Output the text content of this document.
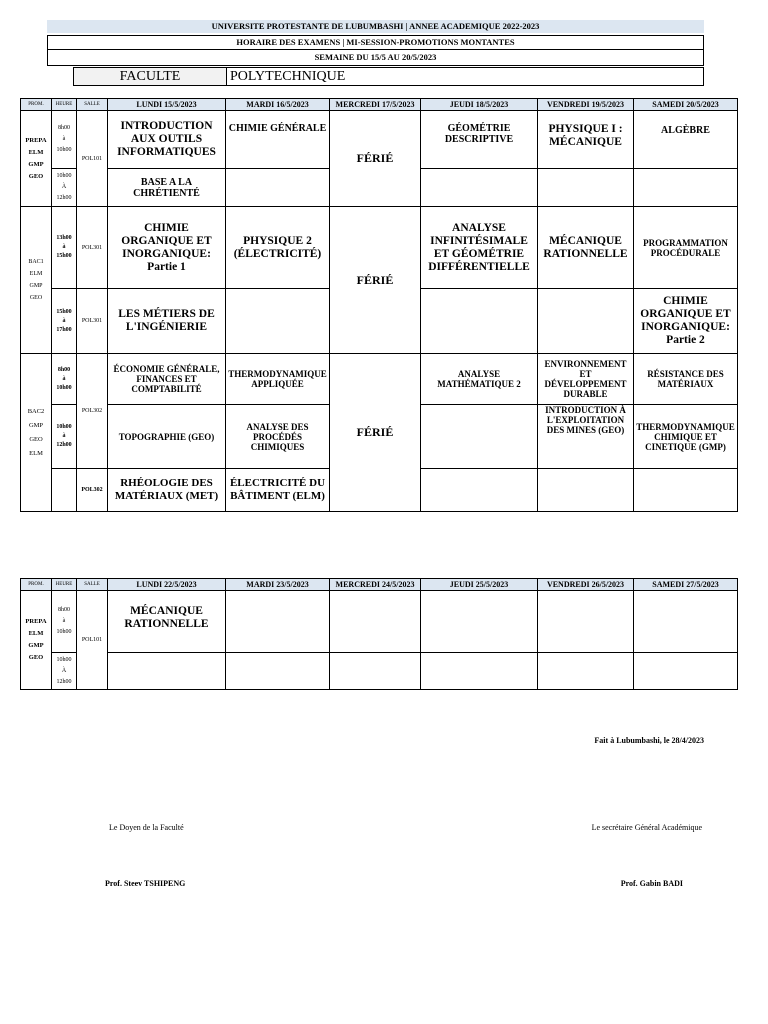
UNIVERSITE PROTESTANTE DE LUBUMBASHI | ANNEE ACADEMIQUE 2022-2023
HORAIRE DES EXAMENS | MI-SESSION-PROMOTIONS MONTANTES
SEMAINE DU 15/5 AU 20/5/2023
FACULTE	POLYTECHNIQUE
PROM.	HEURE	SALLE	LUNDI 15/5/2023	MARDI 16/5/2023	MERCREDI 17/5/2023	JEUDI 18/5/2023	VENDREDI 19/5/2023	SAMEDI 20/5/2023
PREPA
ELM
GMP
GEO	8h00
à
10h00	POL101	INTRODUCTION AUX OUTILS INFORMATIQUES	CHIMIE GÉNÉRALE	FÉRIÉ	GÉOMÉTRIE DESCRIPTIVE	PHYSIQUE I : MÉCANIQUE	ALGÈBRE
	10h00
À
12h00		BASE A LA CHRÉTIENTÉ					
BAC1
ELM
GMP
GEO	13h00
à
15h00	POL301	CHIMIE ORGANIQUE ET INORGANIQUE: Partie 1	PHYSIQUE 2 (ÉLECTRICITÉ)	FÉRIÉ	ANALYSE INFINITÉSIMALE ET GÉOMÉTRIE DIFFÉRENTIELLE	MÉCANIQUE RATIONNELLE	PROGRAMMATION PROCÉDURALE
	15h00
à
17h00	POL301	LES MÉTIERS DE L'INGÉNIERIE					CHIMIE ORGANIQUE ET INORGANIQUE: Partie 2
BAC2
GMP
GEO
ELM	8h00
à
10h00	POL302	ÉCONOMIE GÉNÉRALE, FINANCES ET COMPTABILITÉ	THERMODYNAMIQUE APPLIQUÉE	FÉRIÉ	ANALYSE MATHÉMATIQUE 2	ENVIRONNEMENT ET DÉVELOPPEMENT DURABLE	RÉSISTANCE DES MATÉRIAUX
	10h00
à
12h00		TOPOGRAPHIE (GEO)	ANALYSE DES PROCÉDÉS CHIMIQUES			INTRODUCTION À L'EXPLOITATION DES MINES (GEO)	THERMODYNAMIQUE CHIMIQUE ET CINETIQUE (GMP)
		POL302	RHÉOLOGIE DES MATÉRIAUX (MET)	ÉLECTRICITÉ DU BÂTIMENT (ELM)				
PROM.	HEURE	SALLE	LUNDI 22/5/2023	MARDI 23/5/2023	MERCREDI 24/5/2023	JEUDI 25/5/2023	VENDREDI 26/5/2023	SAMEDI 27/5/2023
PREPA
ELM
GMP
GEO	8h00
à
10h00	POL101	MÉCANIQUE RATIONNELLE					
	10h00
À
12h00							
Fait à Lubumbashi, le 28/4/2023
Le Doyen de la Faculté	Le secrétaire Général Académique
Prof. Steev TSHIPENG	Prof. Gabin BADI
